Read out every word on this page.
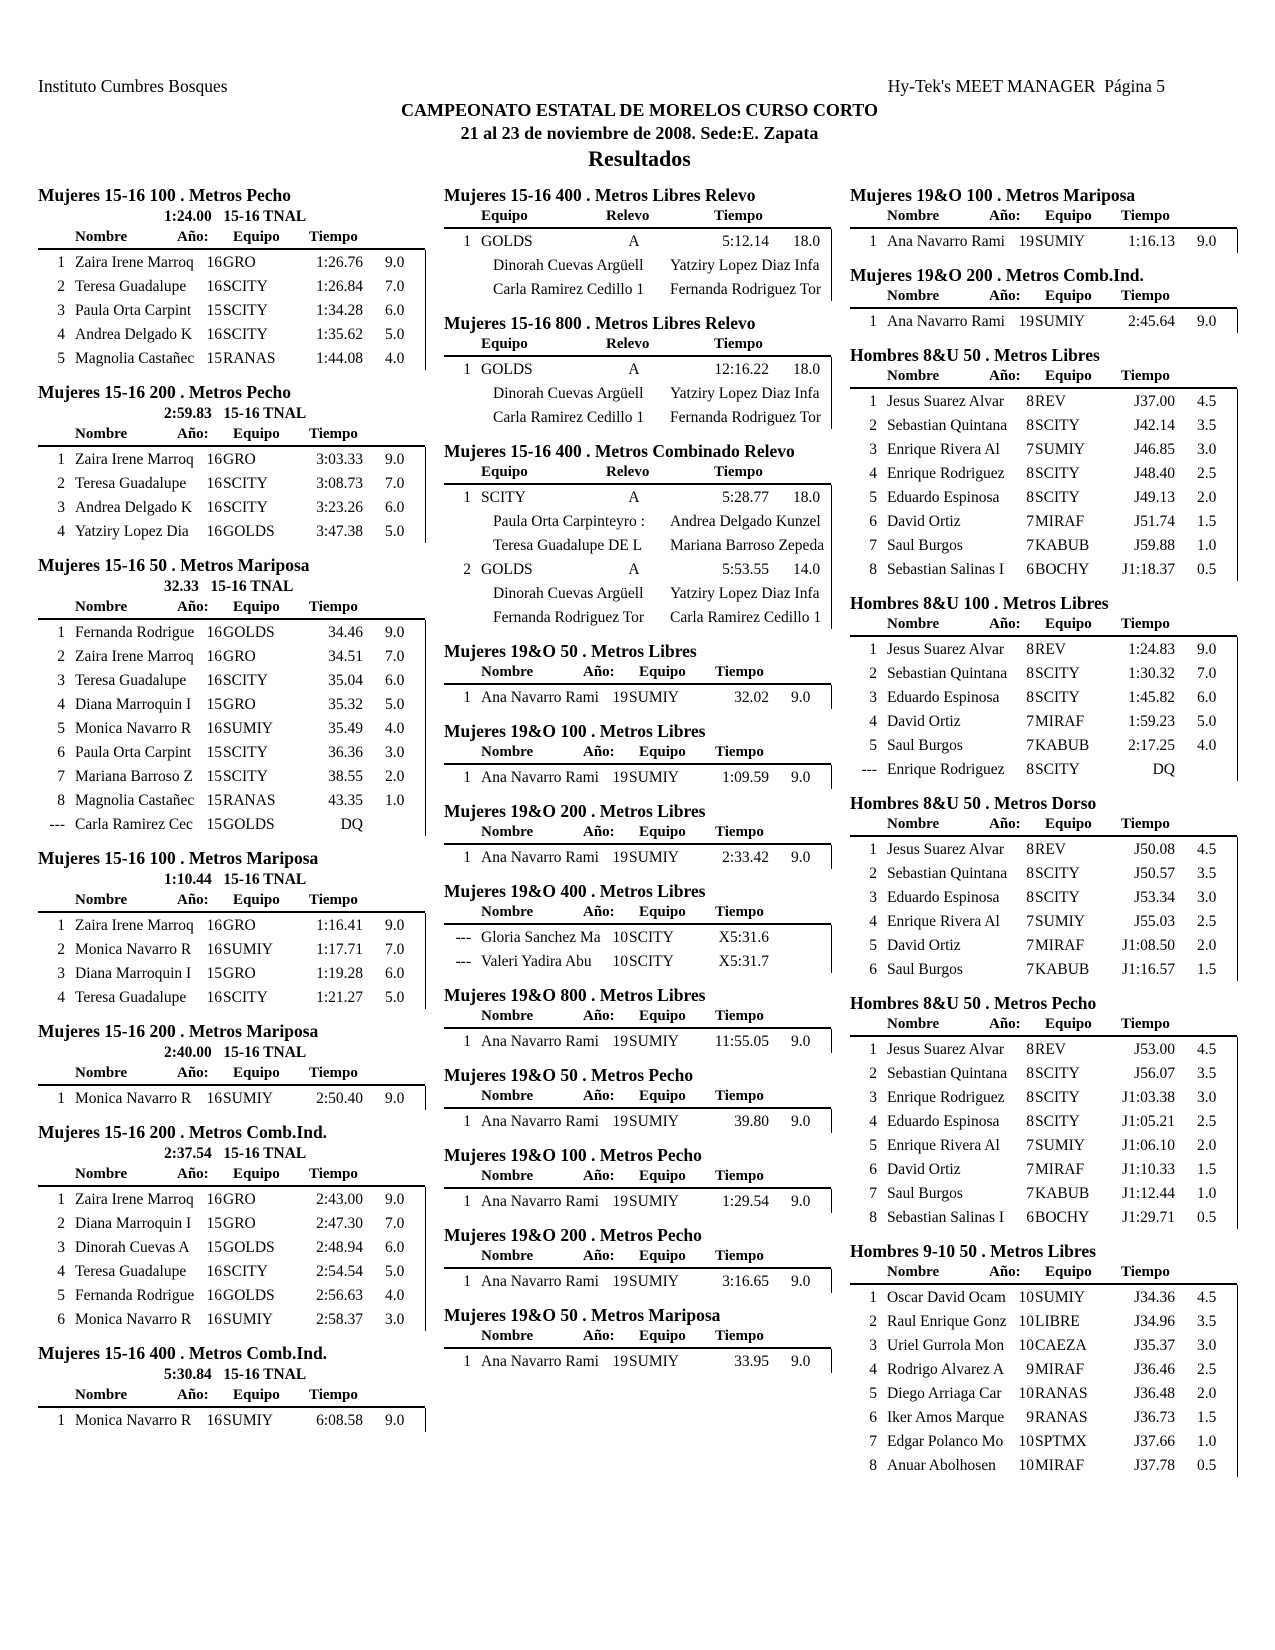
Instituto Cumbres Bosques	Hy-Tek's MEET MANAGER  Página 5
CAMPEONATO ESTATAL DE MORELOS CURSO CORTO
21 al 23 de noviembre de 2008. Sede:E. Zapata
Resultados
Mujeres 15-16 100 . Metros Pecho
1:24.00   15-16 TNAL
Nombre	Año: Equipo Tiempo
1 Zaira Irene Marroq 16 GRO	1:26.76 9.0
2 Teresa Guadalupe	16 SCITY	1:26.84 7.0
3 Paula Orta Carpint 15 SCITY	1:34.28 6.0
4 Andrea Delgado K 16 SCITY	1:35.62 5.0
5 Magnolia Castañec 15 RANAS	1:44.08 4.0
Mujeres 15-16 200 . Metros Pecho
2:59.83   15-16 TNAL
Nombre	Año: Equipo Tiempo
1 Zaira Irene Marroq 16 GRO	3:03.33 9.0
2 Teresa Guadalupe	16 SCITY	3:08.73 7.0
3 Andrea Delgado K 16 SCITY	3:23.26 6.0
4 Yatziry Lopez Dia	16 GOLDS	3:47.38 5.0
Mujeres 15-16 50 . Metros Mariposa
32.33   15-16 TNAL
Nombre	Año: Equipo Tiempo
1 Fernanda Rodrigue 16 GOLDS	34.46 9.0
2 Zaira Irene Marroq 16 GRO	34.51 7.0
3 Teresa Guadalupe	16 SCITY	35.04 6.0
4 Diana Marroquin I 15 GRO	35.32 5.0
5 Monica Navarro R 16 SUMIY	35.49 4.0
6 Paula Orta Carpint 15 SCITY	36.36 3.0
7 Mariana Barroso Z 15 SCITY	38.55 2.0
8 Magnolia Castañec 15 RANAS	43.35 1.0
--- Carla Ramirez Cec 15 GOLDS	DQ
Mujeres 15-16 100 . Metros Mariposa
1:10.44   15-16 TNAL
Nombre	Año: Equipo Tiempo
1 Zaira Irene Marroq 16 GRO	1:16.41 9.0
2 Monica Navarro R 16 SUMIY	1:17.71 7.0
3 Diana Marroquin I 15 GRO	1:19.28 6.0
4 Teresa Guadalupe	16 SCITY	1:21.27 5.0
Mujeres 15-16 200 . Metros Mariposa
2:40.00   15-16 TNAL
Nombre	Año: Equipo Tiempo
1 Monica Navarro R 16 SUMIY	2:50.40 9.0
Mujeres 15-16 200 . Metros Comb.Ind.
2:37.54   15-16 TNAL
Nombre	Año: Equipo Tiempo
1 Zaira Irene Marroq 16 GRO	2:43.00 9.0
2 Diana Marroquin I 15 GRO	2:47.30 7.0
3 Dinorah Cuevas A	15 GOLDS	2:48.94 6.0
4 Teresa Guadalupe	16 SCITY	2:54.54 5.0
5 Fernanda Rodrigue 16 GOLDS	2:56.63 4.0
6 Monica Navarro R 16 SUMIY	2:58.37 3.0
Mujeres 15-16 400 . Metros Comb.Ind.
5:30.84   15-16 TNAL
Nombre	Año: Equipo Tiempo
1 Monica Navarro R 16 SUMIY	6:08.58 9.0
Mujeres 15-16 400 . Metros Libres Relevo
Equipo	Relevo	Tiempo
1 GOLDS	A	5:12.14 18.0
Dinorah Cuevas Argüell	Yatziry Lopez Diaz Infa
Carla Ramirez Cedillo 1	Fernanda Rodriguez Tor
Mujeres 15-16 800 . Metros Libres Relevo
Equipo	Relevo	Tiempo
1 GOLDS	A	12:16.22 18.0
Dinorah Cuevas Argüell	Yatziry Lopez Diaz Infa
Carla Ramirez Cedillo 1	Fernanda Rodriguez Tor
Mujeres 15-16 400 . Metros Combinado Relevo
Equipo	Relevo	Tiempo
1 SCITY	A	5:28.77 18.0
Paula Orta Carpinteyro :	Andrea Delgado Kunzel
Teresa Guadalupe DE L	Mariana Barroso Zepeda
2 GOLDS	A	5:53.55 14.0
Dinorah Cuevas Argüell	Yatziry Lopez Diaz Infa
Fernanda Rodriguez Tor	Carla Ramirez Cedillo 1
Mujeres 19&O 50 . Metros Libres
Nombre	Año: Equipo Tiempo
1 Ana Navarro Rami 19 SUMIY	32.02 9.0
Mujeres 19&O 100 . Metros Libres
Nombre	Año: Equipo Tiempo
1 Ana Navarro Rami 19 SUMIY	1:09.59 9.0
Mujeres 19&O 200 . Metros Libres
Nombre	Año: Equipo Tiempo
1 Ana Navarro Rami 19 SUMIY	2:33.42 9.0
Mujeres 19&O 400 . Metros Libres
Nombre	Año: Equipo Tiempo
--- Gloria Sanchez Ma 10 SCITY	X5:31.6
--- Valeri Yadira Abu	10 SCITY	X5:31.7
Mujeres 19&O 800 . Metros Libres
Nombre	Año: Equipo Tiempo
1 Ana Navarro Rami 19 SUMIY 11:55.05 9.0
Mujeres 19&O 50 . Metros Pecho
Nombre	Año: Equipo Tiempo
1 Ana Navarro Rami 19 SUMIY	39.80 9.0
Mujeres 19&O 100 . Metros Pecho
Nombre	Año: Equipo Tiempo
1 Ana Navarro Rami 19 SUMIY	1:29.54 9.0
Mujeres 19&O 200 . Metros Pecho
Nombre	Año: Equipo Tiempo
1 Ana Navarro Rami 19 SUMIY	3:16.65 9.0
Mujeres 19&O 50 . Metros Mariposa
Nombre	Año: Equipo Tiempo
1 Ana Navarro Rami 19 SUMIY	33.95 9.0
Mujeres 19&O 100 . Metros Mariposa
Nombre	Año: Equipo Tiempo
1 Ana Navarro Rami 19 SUMIY	1:16.13 9.0
Mujeres 19&O 200 . Metros Comb.Ind.
Nombre	Año: Equipo Tiempo
1 Ana Navarro Rami 19 SUMIY	2:45.64 9.0
Hombres 8&U 50 . Metros Libres
Nombre	Año: Equipo Tiempo
1 Jesus Suarez Alvar	8 REV	J37.00 4.5
2 Sebastian Quintana 8 SCITY	J42.14 3.5
3 Enrique Rivera Al	7 SUMIY	J46.85 3.0
4 Enrique Rodriguez 8 SCITY	J48.40 2.5
5 Eduardo Espinosa	8 SCITY	J49.13 2.0
6 David Ortiz	7 MIRAF	J51.74 1.5
7 Saul Burgos	7 KABUB	J59.88 1.0
8 Sebastian Salinas I	6 BOCHY J1:18.37 0.5
Hombres 8&U 100 . Metros Libres
Nombre	Año: Equipo Tiempo
1 Jesus Suarez Alvar	8 REV	1:24.83 9.0
2 Sebastian Quintana 8 SCITY	1:30.32 7.0
3 Eduardo Espinosa	8 SCITY	1:45.82 6.0
4 David Ortiz	7 MIRAF	1:59.23 5.0
5 Saul Burgos	7 KABUB	2:17.25 4.0
--- Enrique Rodriguez 8 SCITY	DQ
Hombres 8&U 50 . Metros Dorso
Nombre	Año: Equipo Tiempo
1 Jesus Suarez Alvar	8 REV	J50.08 4.5
2 Sebastian Quintana 8 SCITY	J50.57 3.5
3 Eduardo Espinosa	8 SCITY	J53.34 3.0
4 Enrique Rivera Al	7 SUMIY	J55.03 2.5
5 David Ortiz	7 MIRAF J1:08.50 2.0
6 Saul Burgos	7 KABUB J1:16.57 1.5
Hombres 8&U 50 . Metros Pecho
Nombre	Año: Equipo Tiempo
1 Jesus Suarez Alvar	8 REV	J53.00 4.5
2 Sebastian Quintana 8 SCITY	J56.07 3.5
3 Enrique Rodriguez 8 SCITY	J1:03.38 3.0
4 Eduardo Espinosa	8 SCITY	J1:05.21 2.5
5 Enrique Rivera Al	7 SUMIY J1:06.10 2.0
6 David Ortiz	7 MIRAF J1:10.33 1.5
7 Saul Burgos	7 KABUB J1:12.44 1.0
8 Sebastian Salinas I	6 BOCHY J1:29.71 0.5
Hombres 9-10 50 . Metros Libres
Nombre	Año: Equipo Tiempo
1 Oscar David Ocam 10 SUMIY	J34.36 4.5
2 Raul Enrique Gonz 10 LIBRE	J34.96 3.5
3 Uriel Gurrola Mon 10 CAEZA	J35.37 3.0
4 Rodrigo Alvarez A	9 MIRAF	J36.46 2.5
5 Diego Arriaga Car	10 RANAS	J36.48 2.0
6 Iker Amos Marque	9 RANAS	J36.73 1.5
7 Edgar Polanco Mo 10 SPTMX	J37.66 1.0
8 Anuar Abolhosen	10 MIRAF	J37.78 0.5
